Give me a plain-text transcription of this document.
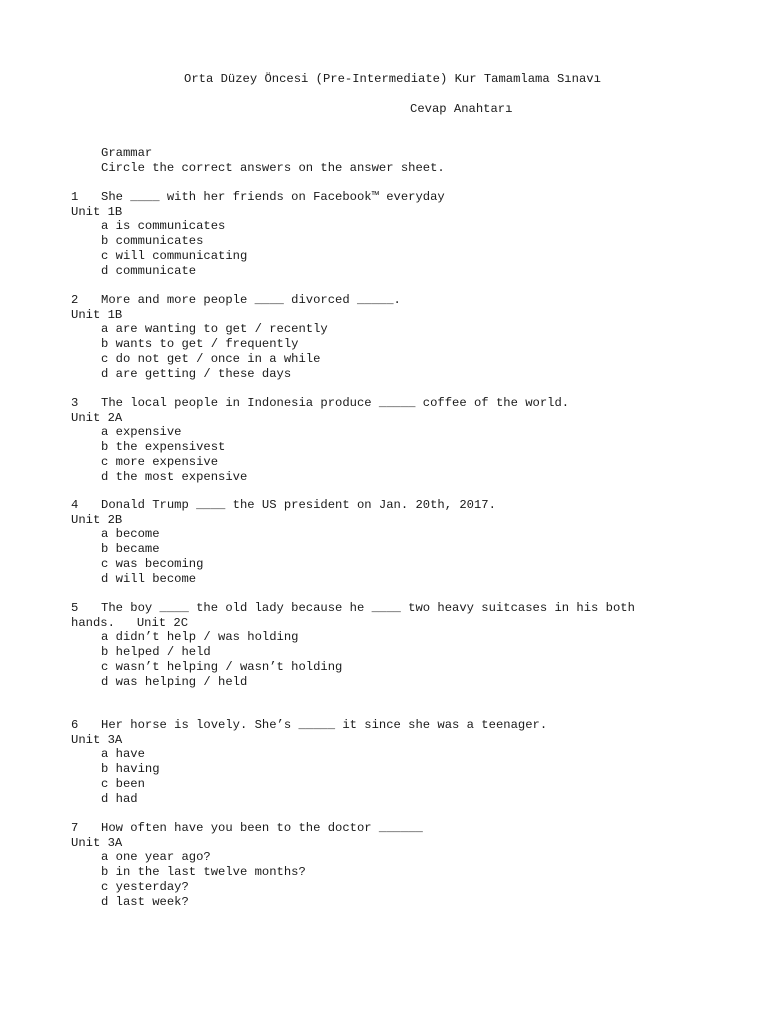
Orta Düzey Öncesi (Pre-Intermediate) Kur Tamamlama Sınavı
Cevap Anahtarı
Grammar
Circle the correct answers on the answer sheet.
1 She ____ with her friends on Facebook™ everyday
Unit 1B
a is communicates
b communicates
c will communicating
d communicate
2 More and more people ____ divorced _____.
Unit 1B
a are wanting to get / recently
b wants to get / frequently
c do not get / once in a while
d are getting / these days
3 The local people in Indonesia produce _____ coffee of the world.
Unit 2A
a expensive
b the expensivest
c more expensive
d the most expensive
4 Donald Trump ____ the US president on Jan. 20th, 2017.
Unit 2B
a become
b became
c was becoming
d will become
5 The boy ____ the old lady because he ____ two heavy suitcases in his both
hands. Unit 2C
a didn’t help / was holding
b helped / held
c wasn’t helping / wasn’t holding
d was helping / held
6 Her horse is lovely. She’s _____ it since she was a teenager.
Unit 3A
a have
b having
c been
d had
7 How often have you been to the doctor ______
Unit 3A
a one year ago?
b in the last twelve months?
c yesterday?
d last week?
